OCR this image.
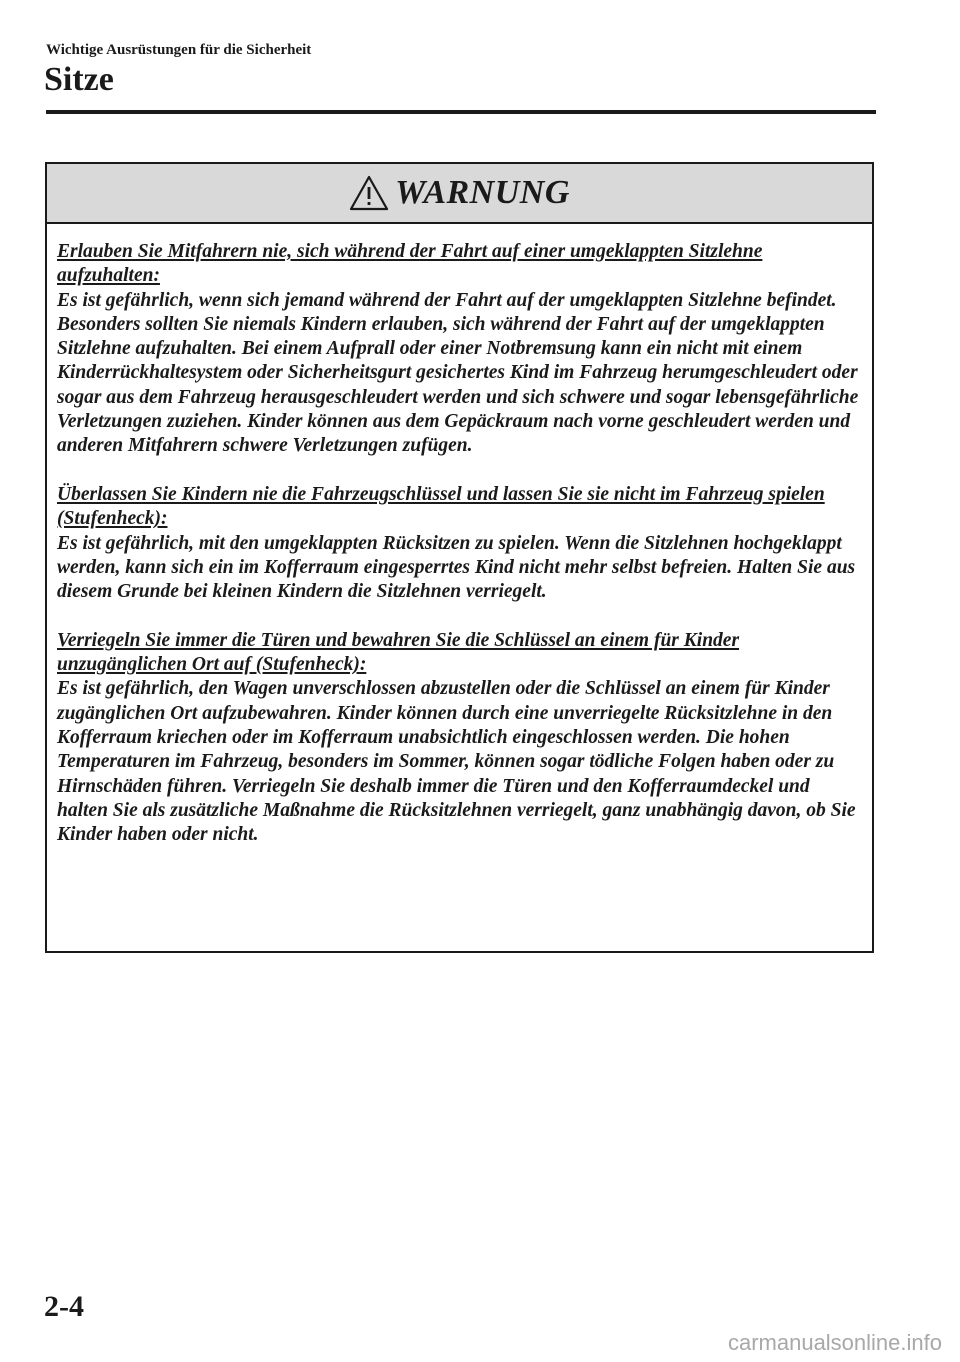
Wichtige Ausrüstungen für die Sicherheit
Sitze
WARNUNG
Erlauben Sie Mitfahrern nie, sich während der Fahrt auf einer umgeklappten Sitzlehne aufzuhalten:
Es ist gefährlich, wenn sich jemand während der Fahrt auf der umgeklappten Sitzlehne befindet. Besonders sollten Sie niemals Kindern erlauben, sich während der Fahrt auf der umgeklappten Sitzlehne aufzuhalten. Bei einem Aufprall oder einer Notbremsung kann ein nicht mit einem Kinderrückhaltesystem oder Sicherheitsgurt gesichertes Kind im Fahrzeug herumgeschleudert oder sogar aus dem Fahrzeug herausgeschleudert werden und sich schwere und sogar lebensgefährliche Verletzungen zuziehen. Kinder können aus dem Gepäckraum nach vorne geschleudert werden und anderen Mitfahrern schwere Verletzungen zufügen.
Überlassen Sie Kindern nie die Fahrzeugschlüssel und lassen Sie sie nicht im Fahrzeug spielen (Stufenheck):
Es ist gefährlich, mit den umgeklappten Rücksitzen zu spielen. Wenn die Sitzlehnen hochgeklappt werden, kann sich ein im Kofferraum eingesperrtes Kind nicht mehr selbst befreien. Halten Sie aus diesem Grunde bei kleinen Kindern die Sitzlehnen verriegelt.
Verriegeln Sie immer die Türen und bewahren Sie die Schlüssel an einem für Kinder unzugänglichen Ort auf (Stufenheck):
Es ist gefährlich, den Wagen unverschlossen abzustellen oder die Schlüssel an einem für Kinder zugänglichen Ort aufzubewahren. Kinder können durch eine unverriegelte Rücksitzlehne in den Kofferraum kriechen oder im Kofferraum unabsichtlich eingeschlossen werden. Die hohen Temperaturen im Fahrzeug, besonders im Sommer, können sogar tödliche Folgen haben oder zu Hirnschäden führen. Verriegeln Sie deshalb immer die Türen und den Kofferraumdeckel und halten Sie als zusätzliche Maßnahme die Rücksitzlehnen verriegelt, ganz unabhängig davon, ob Sie Kinder haben oder nicht.
2-4
carmanualsonline.info
